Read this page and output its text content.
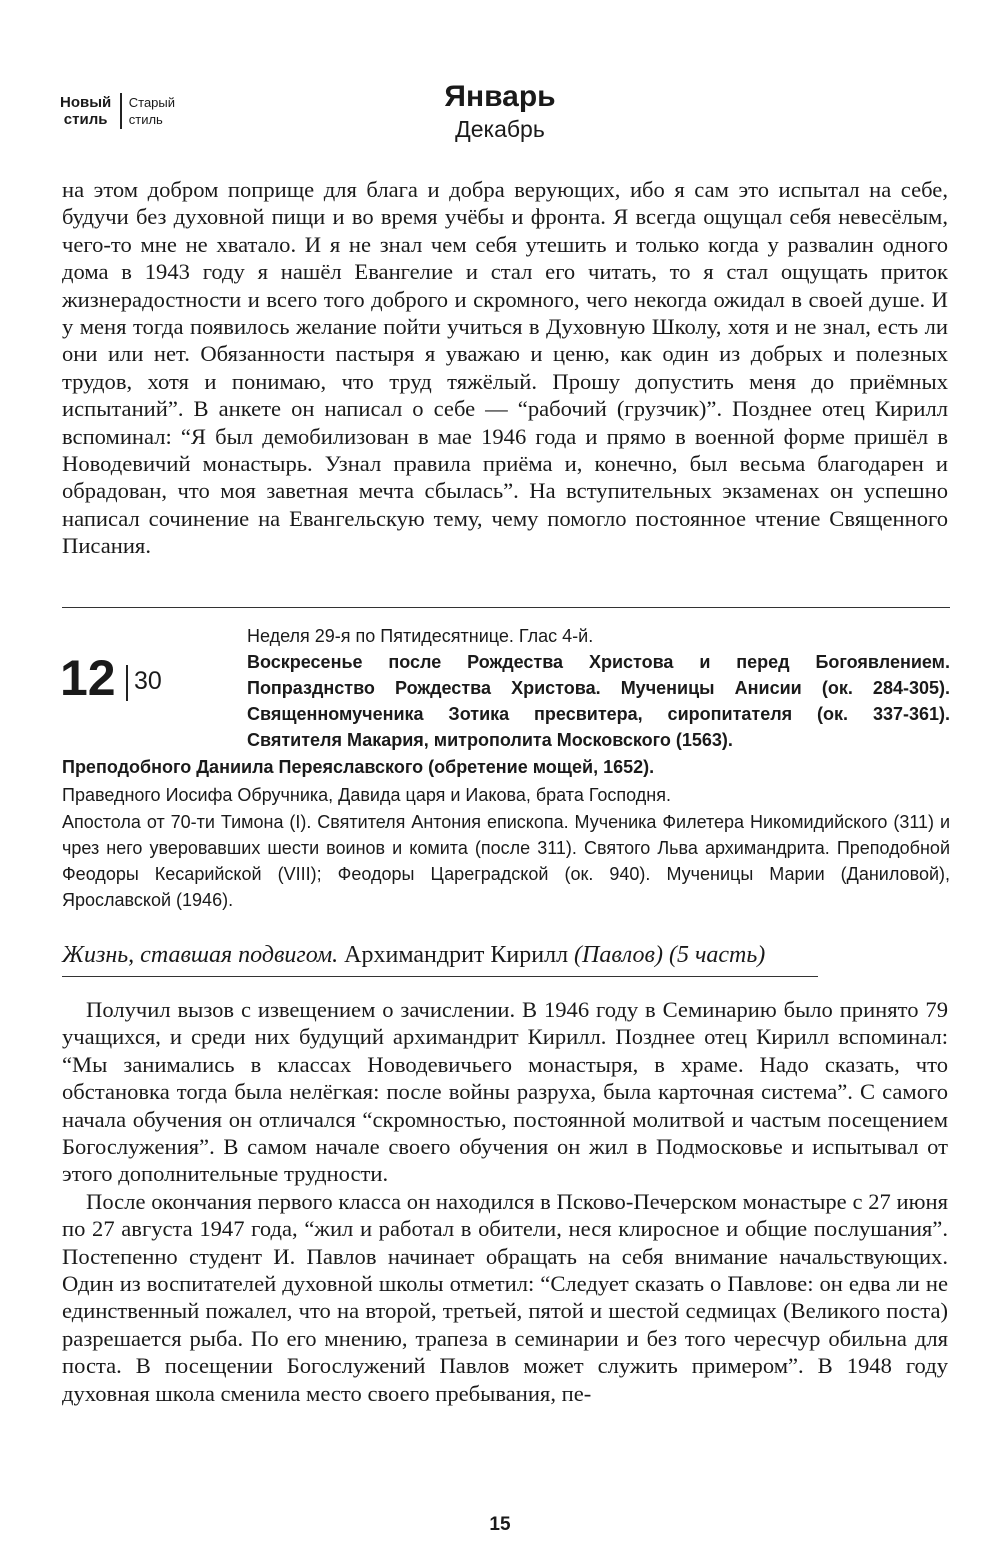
Новый
стиль
Старый
стиль
Январь
Декабрь

на этом добром поприще для блага и добра верующих, ибо я сам это испытал на себе, будучи без духовной пищи и во время учёбы и фронта. Я всегда ощущал себя невесёлым, чего-то мне не хватало. И я не знал чем себя утешить и только когда у развалин одного дома в 1943 году я нашёл Евангелие и стал его читать, то я стал ощущать приток жизнерадостности и всего того доброго и скромного, чего некогда ожидал в своей душе. И у меня тогда появилось желание пойти учиться в Духовную Школу, хотя и не знал, есть ли они или нет. Обязанности пастыря я уважаю и ценю, как один из добрых и полезных трудов, хотя и понимаю, что труд тяжёлый. Прошу допустить меня до приёмных испытаний”. В анкете он написал о себе — “рабочий (грузчик)”. Позднее отец Кирилл вспоминал: “Я был демобилизован в мае 1946 года и прямо в военной форме пришёл в Новодевичий монастырь. Узнал правила приёма и, конечно, был весьма благодарен и обрадован, что моя заветная мечта сбылась”. На вступительных экзаменах он успешно написал сочинение на Евангельскую тему, чему помогло постоянное чтение Священного Писания.

12 30
Неделя 29-я по Пятидесятнице. Глас 4-й.
Воскресенье после Рождества Христова и перед Богоявлением. Попразднство Рождества Христова. Мученицы Анисии (ок. 284-305). Священномученика Зотика пресвитера, сиропитателя (ок. 337-361). Святителя Макария, митрополита Московского (1563).
Преподобного Даниила Переяславского (обретение мощей, 1652).
Праведного Иосифа Обручника, Давида царя и Иакова, брата Господня.
Апостола от 70-ти Тимона (I). Святителя Антония епископа. Мученика Филетера Никомидийского (311) и чрез него уверовавших шести воинов и комита (после 311). Святого Льва архимандрита. Преподобной Феодоры Кесарийской (VIII); Феодоры Цареградской (ок. 940). Мученицы Марии (Даниловой), Ярославской (1946).
Жизнь, ставшая подвигом. Архимандрит Кирилл (Павлов) (5 часть)

Получил вызов с извещением о зачислении. В 1946 году в Семинарию было принято 79 учащихся, и среди них будущий архимандрит Кирилл. Позднее отец Кирилл вспоминал: “Мы занимались в классах Новодевичьего монастыря, в храме. Надо сказать, что обстановка тогда была нелёгкая: после войны разруха, была карточная система”. С самого начала обучения он отличался “скромностью, постоянной молитвой и частым посещением Богослужения”. В самом начале своего обучения он жил в Подмосковье и испытывал от этого дополнительные трудности.

После окончания первого класса он находился в Псково-Печерском монастыре с 27 июня по 27 августа 1947 года, “жил и работал в обители, неся клиросное и общие послушания”. Постепенно студент И. Павлов начинает обращать на себя внимание начальствующих. Один из воспитателей духовной школы отметил: “Следует сказать о Павлове: он едва ли не единственный пожалел, что на второй, третьей, пятой и шестой седмицах (Великого поста) разрешается рыба. По его мнению, трапеза в семинарии и без того чересчур обильна для поста. В посещении Богослужений Павлов может служить примером”. В 1948 году духовная школа сменила место своего пребывания, пе-

15
